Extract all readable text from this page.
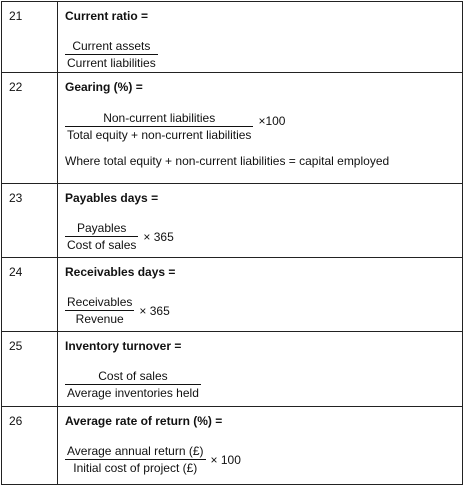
21	Current ratio =
$\frac{\text{Current assets}}{\text{Current liabilities}}$

22	Gearing (%) =
$\frac{\text{Non-current liabilities}}{\text{Total equity + non-current liabilities}} \times 100$
Where total equity + non-current liabilities = capital employed

23	Payables days =
$\frac{\text{Payables}}{\text{Cost of sales}} \times 365$

24	Receivables days =
$\frac{\text{Receivables}}{\text{Revenue}} \times 365$

25	Inventory turnover =
$\frac{\text{Cost of sales}}{\text{Average inventories held}}$

26	Average rate of return (%) =
$\frac{\text{Average annual return (£)}}{\text{Initial cost of project (£)}} \times 100$
